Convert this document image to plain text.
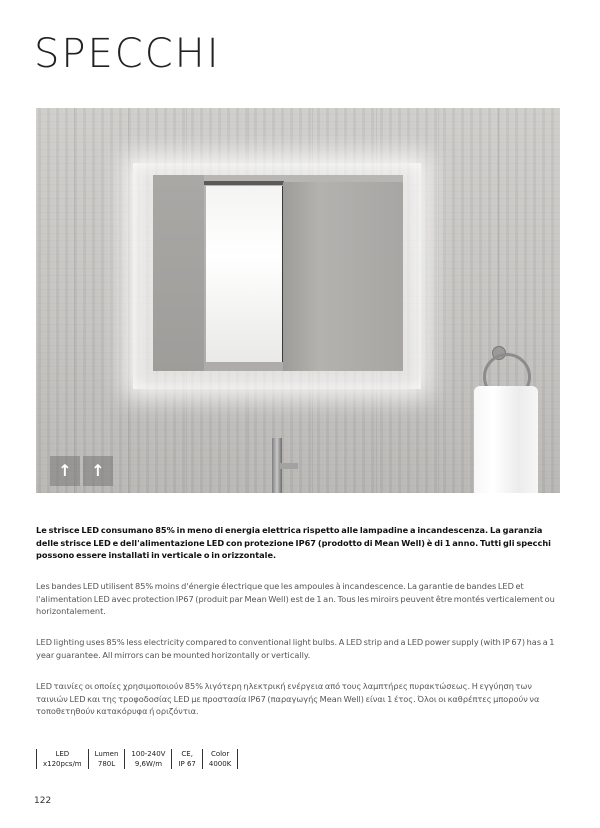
SPECCHI
↑	↑

Le strisce LED consumano 85% in meno di energia elettrica rispetto alle lampadine a incandescenza. La garanzia delle strisce LED e dell'alimentazione LED con protezione IP67 (prodotto di Mean Well) è di 1 anno. Tutti gli specchi possono essere installati in verticale o in orizzontale.

Les bandes LED utilisent 85% moins d'énergie électrique que les ampoules à incandescence. La garantie de bandes LED et l'alimentation LED avec protection IP67 (produit par Mean Well) est de 1 an. Tous les miroirs peuvent être montés verticalement ou horizontalement.

LED lighting uses 85% less electricity compared to conventional light bulbs. A LED strip and a LED power supply (with IP 67) has a 1 year guarantee. All mirrors can be mounted horizontally or vertically.

LED ταινίες οι οποίες χρησιμοποιούν 85% λιγότερη ηλεκτρική ενέργεια από τους λαμπτήρες πυρακτώσεως. Η εγγύηση των ταινιών LED και της τροφοδοσίας LED με προστασία IP67 (παραγωγής Mean Well) είναι 1 έτος. Όλοι οι καθρέπτες μπορούν να τοποθετηθούν κατακόρυφα ή οριζόντια.

LED
x120pcs/m
Lumen
780L
100-240V
9,6W/m
CE,
IP 67
Color
4000K
122
